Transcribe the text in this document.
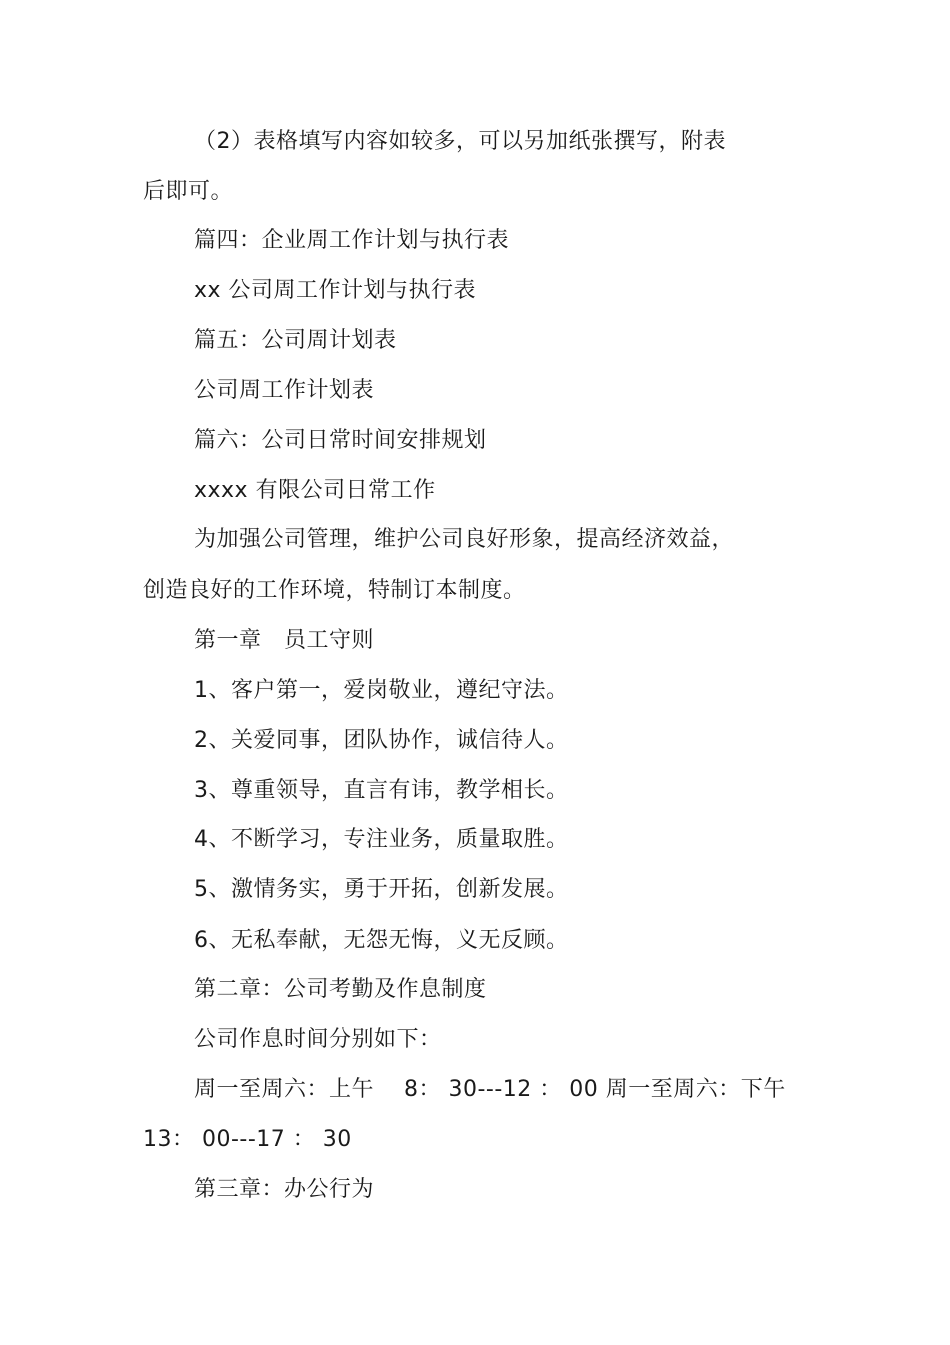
（2）表格填写内容如较多，可以另加纸张撰写，附表
后即可。
篇四：企业周工作计划与执行表
xx 公司周工作计划与执行表
篇五：公司周计划表
公司周工作计划表
篇六：公司日常时间安排规划
xxxx 有限公司日常工作
为加强公司管理，维护公司良好形象，提高经济效益，
创造良好的工作环境，特制订本制度。
第一章　员工守则
1、客户第一，爱岗敬业，遵纪守法。
2、关爱同事，团队协作，诚信待人。
3、尊重领导，直言有讳，教学相长。
4、不断学习，专注业务，质量取胜。
5、激情务实，勇于开拓，创新发展。
6、无私奉献，无怨无悔，义无反顾。
第二章：公司考勤及作息制度
公司作息时间分别如下：
周一至周六：上午　 8： 30---12 ： 00 周一至周六：下午
13： 00---17 ： 30
第三章：办公行为
